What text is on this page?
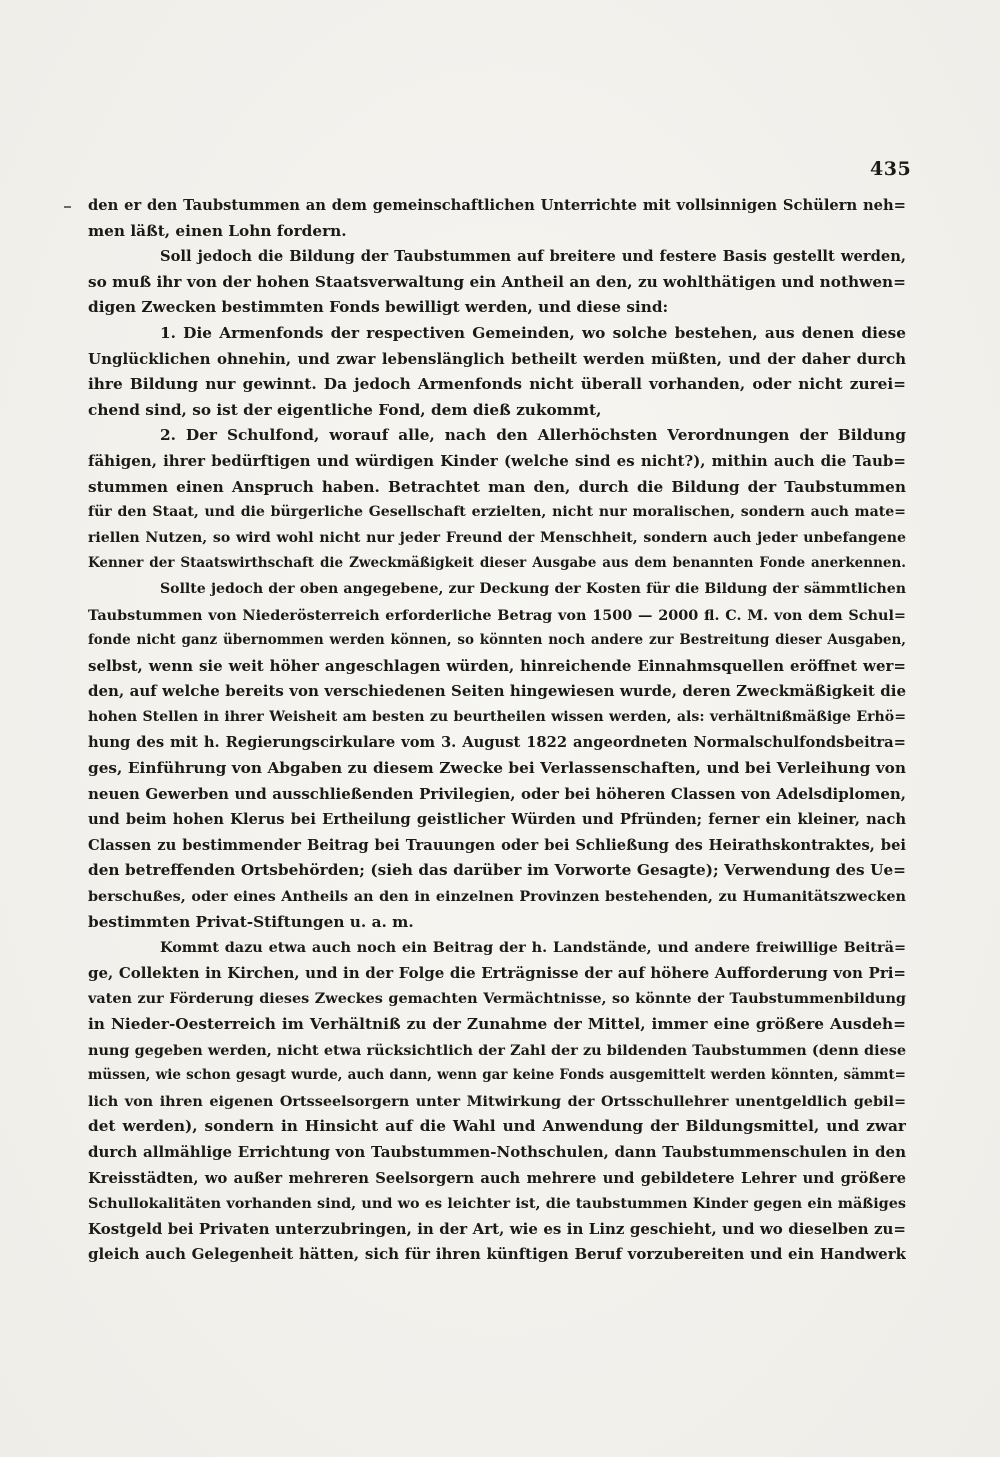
435
den er den Taubstummen an dem gemeinschaftlichen Unterrichte mit vollsinnigen Schülern neh=
men läßt, einen Lohn fordern.
Soll jedoch die Bildung der Taubstummen auf breitere und festere Basis gestellt werden,
so muß ihr von der hohen Staatsverwaltung ein Antheil an den, zu wohlthätigen und nothwen=
digen Zwecken bestimmten Fonds bewilligt werden, und diese sind:
1. Die Armenfonds der respectiven Gemeinden, wo solche bestehen, aus denen diese
Unglücklichen ohnehin, und zwar lebenslänglich betheilt werden müßten, und der daher durch
ihre Bildung nur gewinnt. Da jedoch Armenfonds nicht überall vorhanden, oder nicht zurei=
chend sind, so ist der eigentliche Fond, dem dieß zukommt,
2. Der Schulfond, worauf alle, nach den Allerhöchsten Verordnungen der Bildung
fähigen, ihrer bedürftigen und würdigen Kinder (welche sind es nicht?), mithin auch die Taub=
stummen einen Anspruch haben. Betrachtet man den, durch die Bildung der Taubstummen
für den Staat, und die bürgerliche Gesellschaft erzielten, nicht nur moralischen, sondern auch mate=
riellen Nutzen, so wird wohl nicht nur jeder Freund der Menschheit, sondern auch jeder unbefangene
Kenner der Staatswirthschaft die Zweckmäßigkeit dieser Ausgabe aus dem benannten Fonde anerkennen.
Sollte jedoch der oben angegebene, zur Deckung der Kosten für die Bildung der sämmtlichen
Taubstummen von Niederösterreich erforderliche Betrag von 1500 — 2000 fl. C. M. von dem Schul=
fonde nicht ganz übernommen werden können, so könnten noch andere zur Bestreitung dieser Ausgaben,
selbst, wenn sie weit höher angeschlagen würden, hinreichende Einnahmsquellen eröffnet wer=
den, auf welche bereits von verschiedenen Seiten hingewiesen wurde, deren Zweckmäßigkeit die
hohen Stellen in ihrer Weisheit am besten zu beurtheilen wissen werden, als: verhältnißmäßige Erhö=
hung des mit h. Regierungscirkulare vom 3. August 1822 angeordneten Normalschulfondsbeitra=
ges, Einführung von Abgaben zu diesem Zwecke bei Verlassenschaften, und bei Verleihung von
neuen Gewerben und ausschließenden Privilegien, oder bei höheren Classen von Adelsdiplomen,
und beim hohen Klerus bei Ertheilung geistlicher Würden und Pfründen; ferner ein kleiner, nach
Classen zu bestimmender Beitrag bei Trauungen oder bei Schließung des Heirathskontraktes, bei
den betreffenden Ortsbehörden; (sieh das darüber im Vorworte Gesagte); Verwendung des Ue=
berschußes, oder eines Antheils an den in einzelnen Provinzen bestehenden, zu Humanitätszwecken
bestimmten Privat-Stiftungen u. a. m.
Kommt dazu etwa auch noch ein Beitrag der h. Landstände, und andere freiwillige Beiträ=
ge, Collekten in Kirchen, und in der Folge die Erträgnisse der auf höhere Aufforderung von Pri=
vaten zur Förderung dieses Zweckes gemachten Vermächtnisse, so könnte der Taubstummenbildung
in Nieder-Oesterreich im Verhältniß zu der Zunahme der Mittel, immer eine größere Ausdeh=
nung gegeben werden, nicht etwa rücksichtlich der Zahl der zu bildenden Taubstummen (denn diese
müssen, wie schon gesagt wurde, auch dann, wenn gar keine Fonds ausgemittelt werden könnten, sämmt=
lich von ihren eigenen Ortsseelsorgern unter Mitwirkung der Ortsschullehrer unentgeldlich gebil=
det werden), sondern in Hinsicht auf die Wahl und Anwendung der Bildungsmittel, und zwar
durch allmählige Errichtung von Taubstummen-Nothschulen, dann Taubstummenschulen in den
Kreisstädten, wo außer mehreren Seelsorgern auch mehrere und gebildetere Lehrer und größere
Schullokalitäten vorhanden sind, und wo es leichter ist, die taubstummen Kinder gegen ein mäßiges
Kostgeld bei Privaten unterzubringen, in der Art, wie es in Linz geschieht, und wo dieselben zu=
gleich auch Gelegenheit hätten, sich für ihren künftigen Beruf vorzubereiten und ein Handwerk
